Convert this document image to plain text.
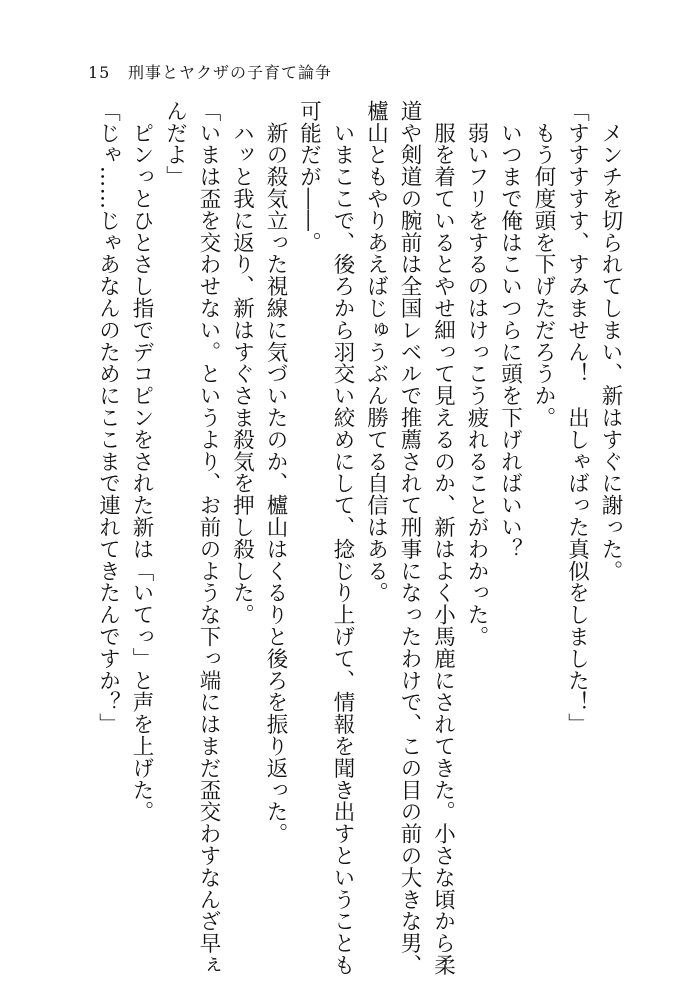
15 刑事とヤクザの子育て論争

　メンチを切られてしまい、新はすぐに謝った。

「すすすすす、すみません！　出しゃばった真似をしました！」

　もう何度頭を下げただろうか。

　いつまで俺はこいつらに頭を下げればいい？

　弱いフリをするのはけっこう疲れることがわかった。

　服を着ているとやせ細って見えるのか、新はよく小馬鹿にされてきた。小さな頃から柔道や剣道の腕前は全国レベルで推薦されて刑事になったわけで、この目の前の大きな男、櫨山ともやりあえばじゅうぶん勝てる自信はある。

　いまここで、後ろから羽交い絞めにして、捻じり上げて、情報を聞き出すということも可能だが――。

　新の殺気立った視線に気づいたのか、櫨山はくるりと後ろを振り返った。

　ハッと我に返り、新はすぐさま殺気を押し殺した。

「いまは盃を交わせない。というより、お前のような下っ端にはまだ盃交わすなんざ早ぇんだよ」

　ピンっとひとさし指でデコピンをされた新は「いてっ」と声を上げた。

「じゃ……じゃあなんのためにここまで連れてきたんですか？」
